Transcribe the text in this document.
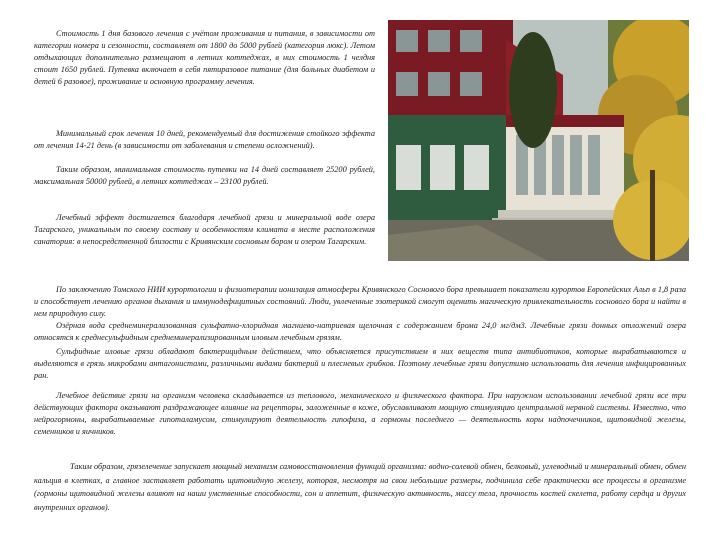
Стоимость 1 дня базового лечения с учётом проживания и питания, в зависимости от категории номера и сезонности, составляет от 1800 до 5000 рублей (категория люкс). Летом отдыхающих дополнительно размещают в летних коттеджах, в них стоимость 1 челдня стоит 1650 рублей. Путевка включает в себя пятиразовое питание (для больных диабетом и детей 6 разовое), проживание и основную программу лечения.

Минимальный срок лечения 10 дней, рекомендуемый для достижения стойкого эффекта от лечения 14-21 день (в зависимости от заболевания и степени осложнений).

Таким образом, минимальная стоимость путевки на 14 дней составляет 25200 рублей, максимальная 50000 рублей, в летних коттеджах – 23100 рублей.

Лечебный эффект достигается благодаря лечебной грязи и минеральной воде озера Тагарского, уникальным по своему составу и особенностям климата в месте расположения санатория: в непосредственной близости с Кривянским сосновым бором и озером Тагарским.

По заключению Томского НИИ курортологии и физиотерапии ионизация атмосферы Кривянского Соснового бора превышает показатели курортов Европейских Альп в 1,8 раза и способствует лечению органов дыхания и иммунодефицитных состояний. Люди, увлеченные эзотерикой смогут оценить магическую привлекательность соснового бора и найти в нем природную силу.

Озёрная вода среднеминерализованная сульфатно-хлоридная магниево-натриевая щелочная с содержанием брома 24,0 мг/дм3. Лечебные грязи донных отложений озера относятся к среднесульфидным среднеминерализированным иловым лечебным грязям.

Сульфидные иловые грязи обладают бактерицидным действием, что объясняется присутствием в них веществ типа антибиотиков, которые вырабатываются и выделяются в грязь микробами антагонистами, различными видами бактерий и плесневых грибков. Поэтому лечебные грязи допустимо использовать для лечения инфицированных ран.

Лечебное действие грязи на организм человека складывается из теплового, механического и физического фактора. При наружном использовании лечебной грязи все три действующих фактора оказывают раздражающее влияние на рецепторы, заложенные в коже, обуславливают мощную стимуляцию центральной нервной системы. Известно, что нейрогормоны, вырабатываемые гипоталамусом, стимулируют деятельность гипофиза, а гормоны последнего — деятельность коры надпочечников, щитовидной железы, семенников и яичников.

Таким образом, грязелечение запускает мощный механизм самовосстановления функций организма: водно-солевой обмен, белковый, углеводный и минеральный обмен, обмен кальция в клетках, а главное заставляет работать щитовидную железу, которая, несмотря на свои небольшие размеры, подчинила себе практически все процессы в организме (гормоны щитовидной железы влияют на наши умственные способности, сон и аппетит, физическую активность, массу тела, прочность костей скелета, работу сердца и других внутренних органов).
